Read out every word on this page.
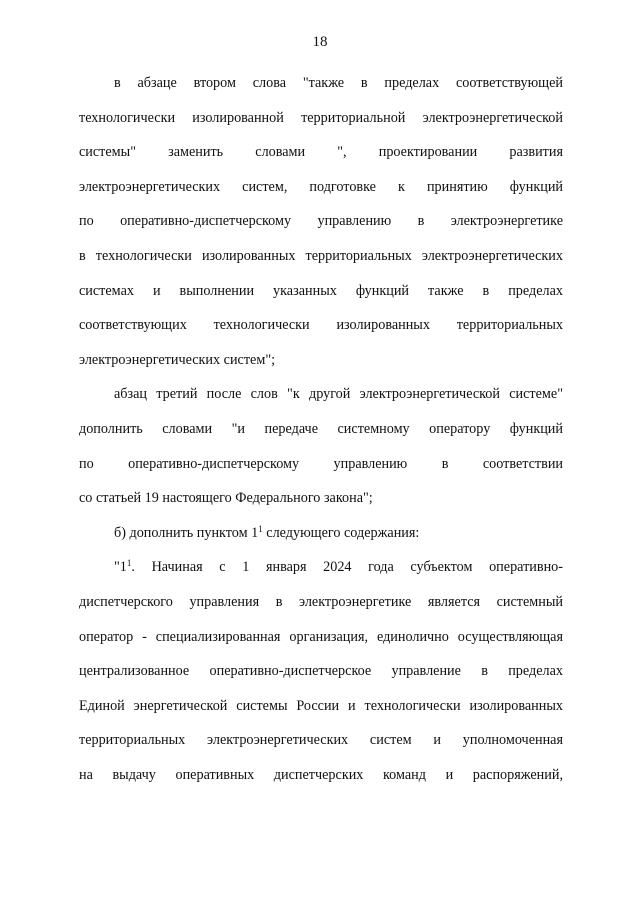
18
в абзаце втором слова "также в пределах соответствующей
технологически изолированной территориальной электроэнергетической
системы" заменить словами ", проектировании развития
электроэнергетических систем, подготовке к принятию функций
по оперативно-диспетчерскому управлению в электроэнергетике
в технологически изолированных территориальных электроэнергетических
системах и выполнении указанных функций также в пределах
соответствующих технологически изолированных территориальных
электроэнергетических систем";
абзац третий после слов "к другой электроэнергетической системе"
дополнить словами "и передаче системному оператору функций
по оперативно-диспетчерскому управлению в соответствии
со статьей 19 настоящего Федерального закона";
б) дополнить пунктом $1^1$ следующего содержания:
"$1^1$. Начиная с 1 января 2024 года субъектом оперативно-
диспетчерского управления в электроэнергетике является системный
оператор - специализированная организация, единолично осуществляющая
централизованное оперативно-диспетчерское управление в пределах
Единой энергетической системы России и технологически изолированных
территориальных электроэнергетических систем и уполномоченная
на выдачу оперативных диспетчерских команд и распоряжений,
